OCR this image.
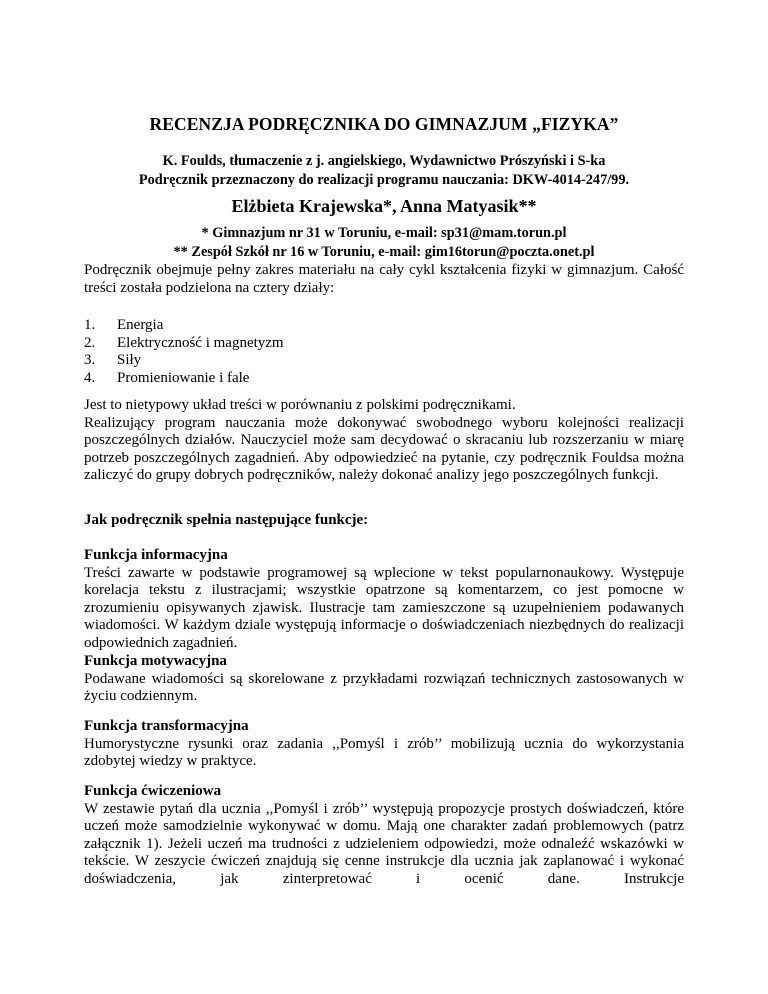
RECENZJA PODRĘCZNIKA DO GIMNAZJUM „FIZYKA”
K. Foulds, tłumaczenie z j. angielskiego, Wydawnictwo Prószyński i S-ka
Podręcznik przeznaczony do realizacji programu nauczania: DKW-4014-247/99.
Elżbieta Krajewska*, Anna Matyasik**
* Gimnazjum nr 31 w Toruniu, e-mail: sp31@mam.torun.pl
** Zespół Szkół nr 16 w Toruniu, e-mail: gim16torun@poczta.onet.pl

Podręcznik obejmuje pełny zakres materiału na cały cykl kształcenia fizyki w gimnazjum. Całość treści została podzielona na cztery działy:

1.	Energia
2.	Elektryczność i magnetyzm
3.	Siły
4.	Promieniowanie i fale

Jest to nietypowy układ treści w porównaniu z polskimi podręcznikami.

Realizujący program nauczania może dokonywać swobodnego wyboru kolejności realizacji poszczególnych działów. Nauczyciel może sam decydować o skracaniu lub rozszerzaniu w miarę potrzeb poszczególnych zagadnień. Aby odpowiedzieć na pytanie, czy podręcznik Fouldsa można zaliczyć do grupy dobrych podręczników, należy dokonać analizy jego poszczególnych funkcji.

Jak podręcznik spełnia następujące funkcje:

Funkcja informacyjna

Treści zawarte w podstawie programowej są wplecione w tekst popularnonaukowy. Występuje korelacja tekstu z ilustracjami; wszystkie opatrzone są komentarzem, co jest pomocne w zrozumieniu opisywanych zjawisk. Ilustracje tam zamieszczone są uzupełnieniem podawanych wiadomości. W każdym dziale występują informacje o doświadczeniach niezbędnych do realizacji odpowiednich zagadnień.

Funkcja motywacyjna

Podawane wiadomości są skorelowane z przykładami rozwiązań technicznych zastosowanych w życiu codziennym.

Funkcja transformacyjna

Humorystyczne rysunki oraz zadania ,,Pomyśl i zrób’’ mobilizują ucznia do wykorzystania zdobytej wiedzy w praktyce.

Funkcja ćwiczeniowa

W zestawie pytań dla ucznia ,,Pomyśl i zrób’’ występują propozycje prostych doświadczeń, które uczeń może samodzielnie wykonywać w domu. Mają one charakter zadań problemowych (patrz załącznik 1). Jeżeli uczeń ma trudności z udzieleniem odpowiedzi, może odnaleźć wskazówki w tekście. W zeszycie ćwiczeń znajdują się cenne instrukcje dla ucznia jak zaplanować i wykonać doświadczenia, jak zinterpretować i ocenić dane. Instrukcje
